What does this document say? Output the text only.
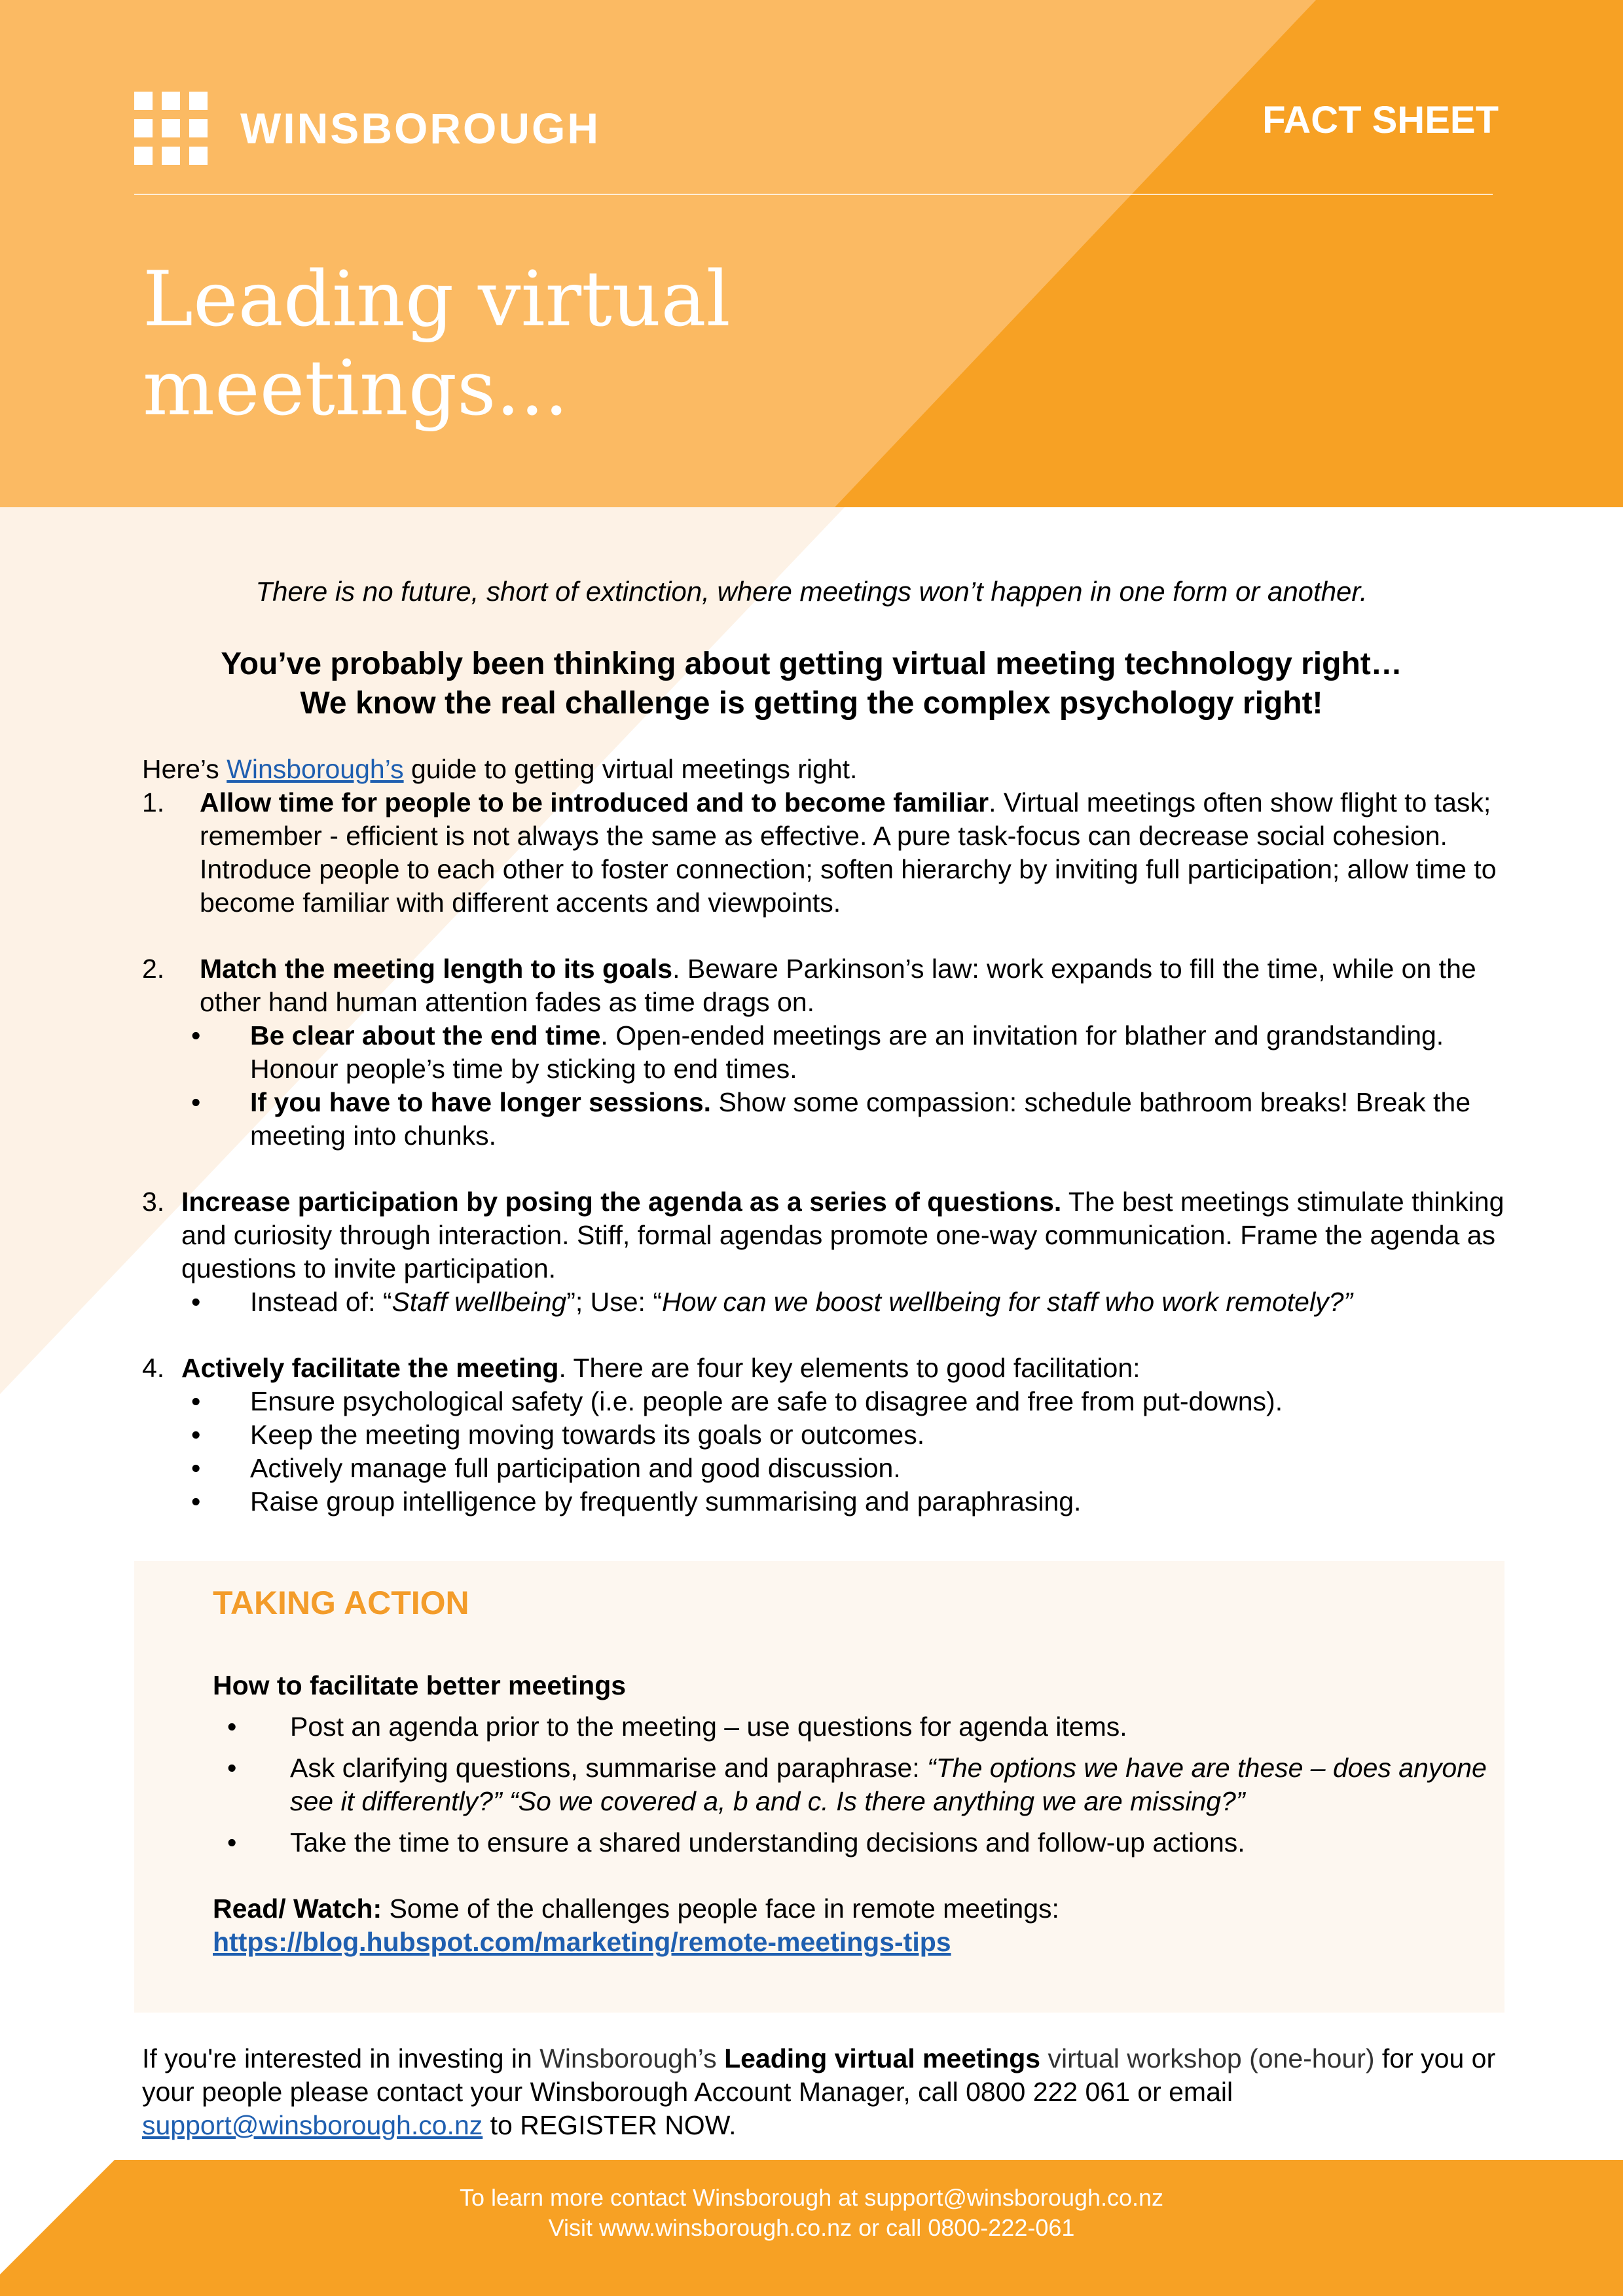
WINSBOROUGH	FACT SHEET
Leading virtual
meetings...
There is no future, short of extinction, where meetings won’t happen in one form or another.
You’ve probably been thinking about getting virtual meeting technology right…
We know the real challenge is getting the complex psychology right!

Here’s Winsborough’s guide to getting virtual meetings right.

1.	Allow time for people to be introduced and to become familiar. Virtual meetings often show flight to task; remember - efficient is not always the same as effective. A pure task-focus can decrease social cohesion. Introduce people to each other to foster connection; soften hierarchy by inviting full participation; allow time to become familiar with different accents and viewpoints.
2.	Match the meeting length to its goals. Beware Parkinson’s law: work expands to fill the time, while on the other hand human attention fades as time drags on.
•	Be clear about the end time. Open-ended meetings are an invitation for blather and grandstanding. Honour people’s time by sticking to end times.
•	If you have to have longer sessions. Show some compassion: schedule bathroom breaks! Break the meeting into chunks.
3. Increase participation by posing the agenda as a series of questions. The best meetings stimulate thinking and curiosity through interaction. Stiff, formal agendas promote one-way communication. Frame the agenda as questions to invite participation.
•	Instead of: “Staff wellbeing”; Use: “How can we boost wellbeing for staff who work remotely?”
4. Actively facilitate the meeting. There are four key elements to good facilitation:
•	Ensure psychological safety (i.e. people are safe to disagree and free from put-downs).
•	Keep the meeting moving towards its goals or outcomes.
•	Actively manage full participation and good discussion.
•	Raise group intelligence by frequently summarising and paraphrasing.
TAKING ACTION

How to facilitate better meetings

•	Post an agenda prior to the meeting – use questions for agenda items.
•	Ask clarifying questions, summarise and paraphrase: “The options we have are these – does anyone see it differently?” “So we covered a, b and c. Is there anything we are missing?”
•	Take the time to ensure a shared understanding decisions and follow-up actions.

Read/ Watch: Some of the challenges people face in remote meetings:

https://blog.hubspot.com/marketing/remote-meetings-tips

If you're interested in investing in Winsborough’s Leading virtual meetings virtual workshop (one-hour) for you or your people please contact your Winsborough Account Manager, call 0800 222 061 or email support@winsborough.co.nz to REGISTER NOW.
To learn more contact Winsborough at support@winsborough.co.nz
Visit www.winsborough.co.nz or call 0800-222-061
